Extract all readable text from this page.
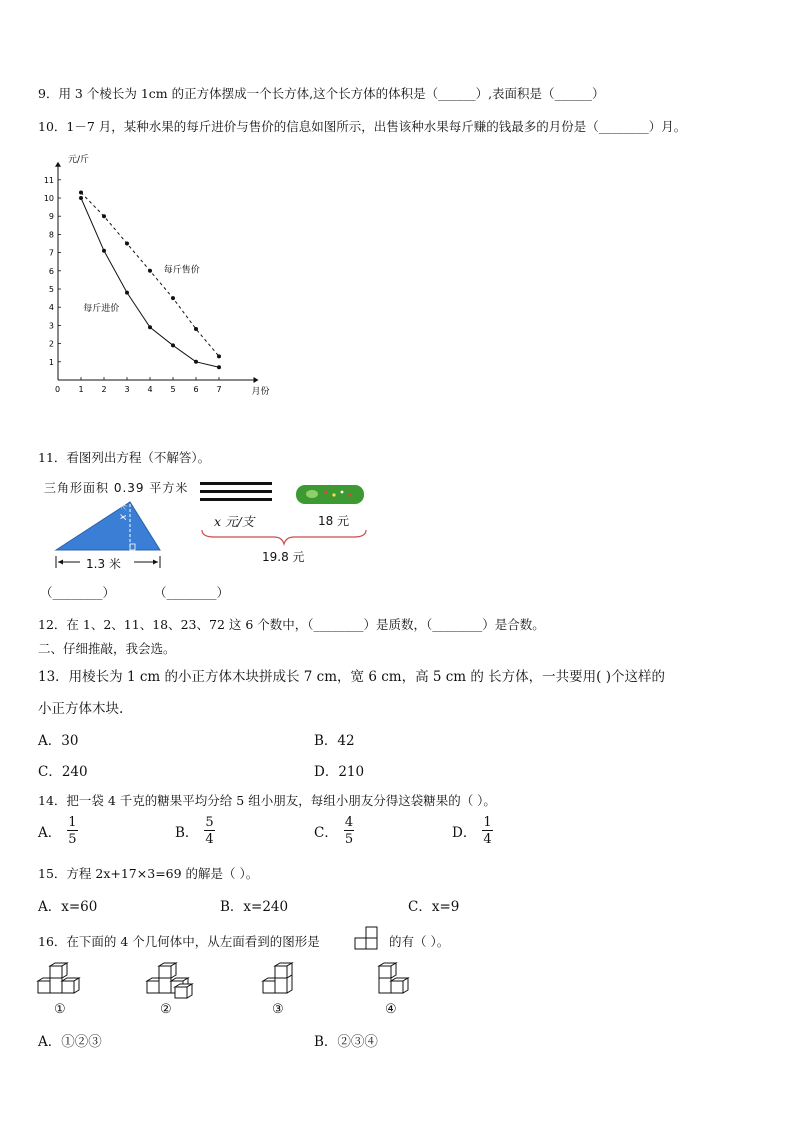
9．用 3 个棱长为 1cm 的正方体摆成一个长方体,这个长方体的体积是（______）,表面积是（______）
10．1－7 月，某种水果的每斤进价与售价的信息如图所示，出售该种水果每斤赚的钱最多的月份是（________）月。
1
2
3
4
5
6
7
8
9
10
11
1 2 3 4 5 6 7
元/斤
月份
0
每斤售价
每斤进价
11．看图列出方程（不解答）。
三角形面积 0.39 平方米
x 米
1.3 米
x 元/支	18 元
19.8 元
（________）	（________）
12．在 1、2、11、18、23、72 这 6 个数中，（________）是质数，（________）是合数。
二、仔细推敲，我会选。
13．用棱长为 1 cm 的小正方体木块拼成长 7 cm，宽 6 cm，高 5 cm 的 长方体，一共要用( )个这样的
小正方体木块.
A．30	B．42
C．240	D．210
14．把一袋 4 千克的糖果平均分给 5 组小朋友，每组小朋友分得这袋糖果的（ ）。
A． $\frac{1}{5}$	B． $\frac{5}{4}$	C． $\frac{4}{5}$	D． $\frac{1}{4}$
15．方程 2x+17×3=69 的解是（ ）。
A．x=60	B．x=240	C．x=9
16．在下面的 4 个几何体中，从左面看到的图形是	的有（ ）。
①	②	③	④
A．①②③	B．②③④
